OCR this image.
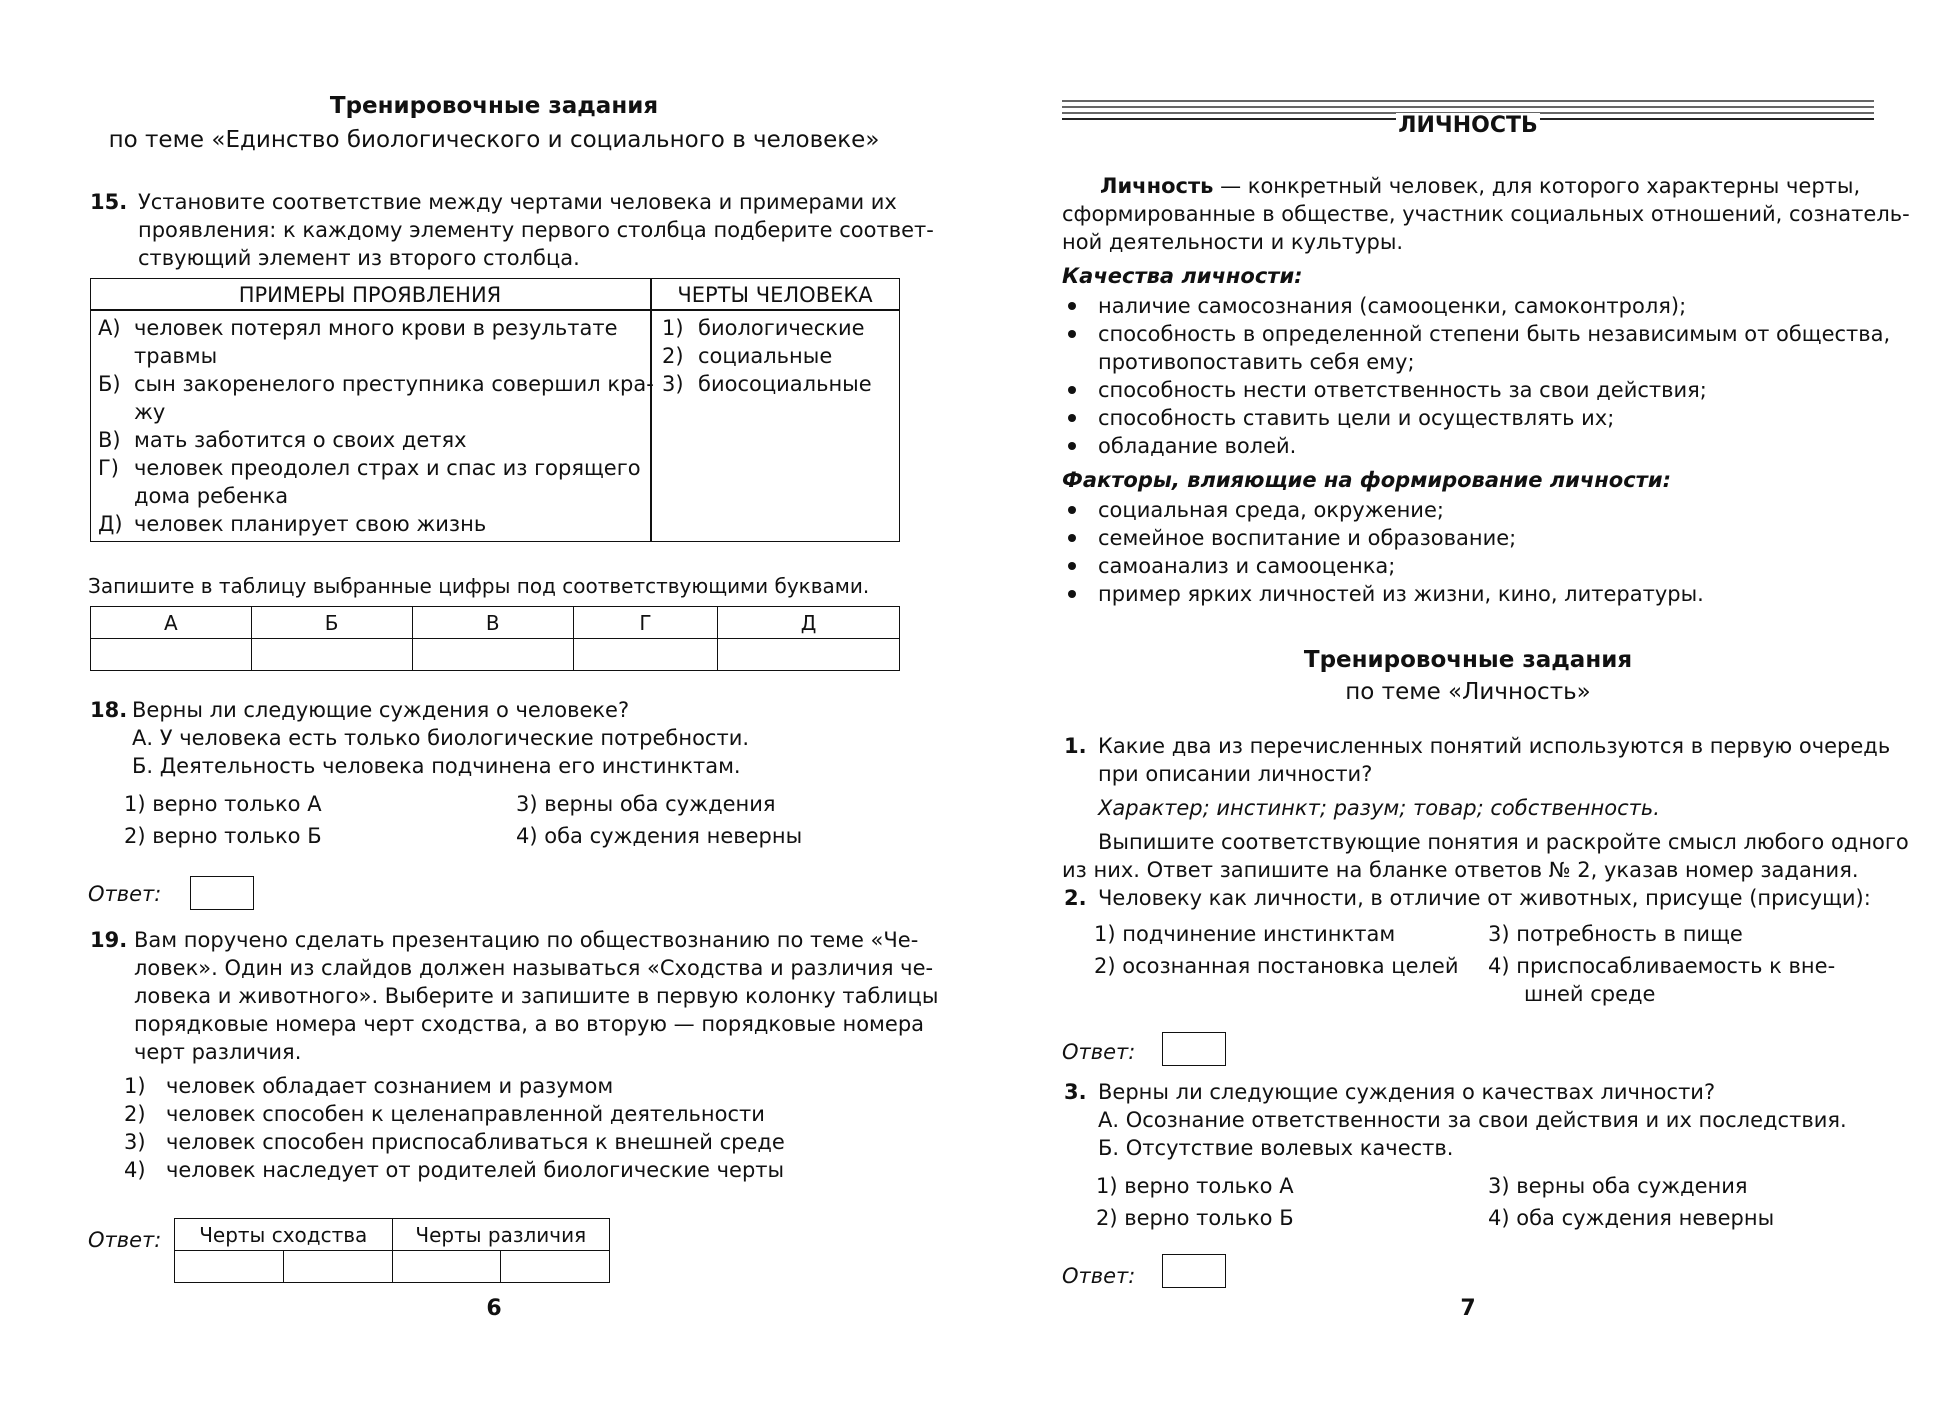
Тренировочные задания
по теме «Единство биологического и социального в человеке»
15. Установите соответствие между чертами человека и примерами их
проявления: к каждому элементу первого столбца подберите соответ-
ствующий элемент из второго столбца.
ПРИМЕРЫ ПРОЯВЛЕНИЯ	ЧЕРТЫ ЧЕЛОВЕКА
А) человек потерял много крови в результате
травмы
Б) сын закоренелого преступника совершил кра-
жу
В) мать заботится о своих детях
Г) человек преодолел страх и спас из горящего
дома ребенка
Д) человек планирует свою жизнь
1) биологические
2) социальные
3) биосоциальные
Запишите в таблицу выбранные цифры под соответствующими буквами.
А	Б	В	Г	Д

18. Верны ли следующие суждения о человеке?
А. У человека есть только биологические потребности.
Б. Деятельность человека подчинена его инстинктам.
1) верно только А
2) верно только Б
3) верны оба суждения
4) оба суждения неверны
Ответ:
19. Вам поручено сделать презентацию по обществознанию по теме «Че-
ловек». Один из слайдов должен называться «Сходства и различия че-
ловека и животного». Выберите и запишите в первую колонку таблицы
порядковые номера черт сходства, а во вторую — порядковые номера
черт различия.
1) человек обладает сознанием и разумом
2) человек способен к целенаправленной деятельности
3) человек способен приспосабливаться к внешней среде
4) человек наследует от родителей биологические черты
Ответ: Черты сходства		Черты различия	

6
ЛИЧНОСТЬ
Личность — конкретный человек, для которого характерны черты,
сформированные в обществе, участник социальных отношений, сознатель-
ной деятельности и культуры.
Качества личности:
наличие самосознания (самооценки, самоконтроля);
способность в определенной степени быть независимым от общества,
противопоставить себя ему;
способность нести ответственность за свои действия;
способность ставить цели и осуществлять их;
обладание волей.
Факторы, влияющие на формирование личности:
социальная среда, окружение;
семейное воспитание и образование;
самоанализ и самооценка;
пример ярких личностей из жизни, кино, литературы.
Тренировочные задания
по теме «Личность»
1. Какие два из перечисленных понятий используются в первую очередь
при описании личности?
Характер; инстинкт; разум; товар; собственность.
Выпишите соответствующие понятия и раскройте смысл любого одного
из них. Ответ запишите на бланке ответов № 2, указав номер задания.
2. Человеку как личности, в отличие от животных, присуще (присущи):
1) подчинение инстинктам
2) осознанная постановка целей
3) потребность в пище
4) приспосабливаемость к вне-
шней среде
Ответ:
3. Верны ли следующие суждения о качествах личности?
А. Осознание ответственности за свои действия и их последствия.
Б. Отсутствие волевых качеств.
1) верно только А
2) верно только Б
3) верны оба суждения
4) оба суждения неверны
Ответ:
7
